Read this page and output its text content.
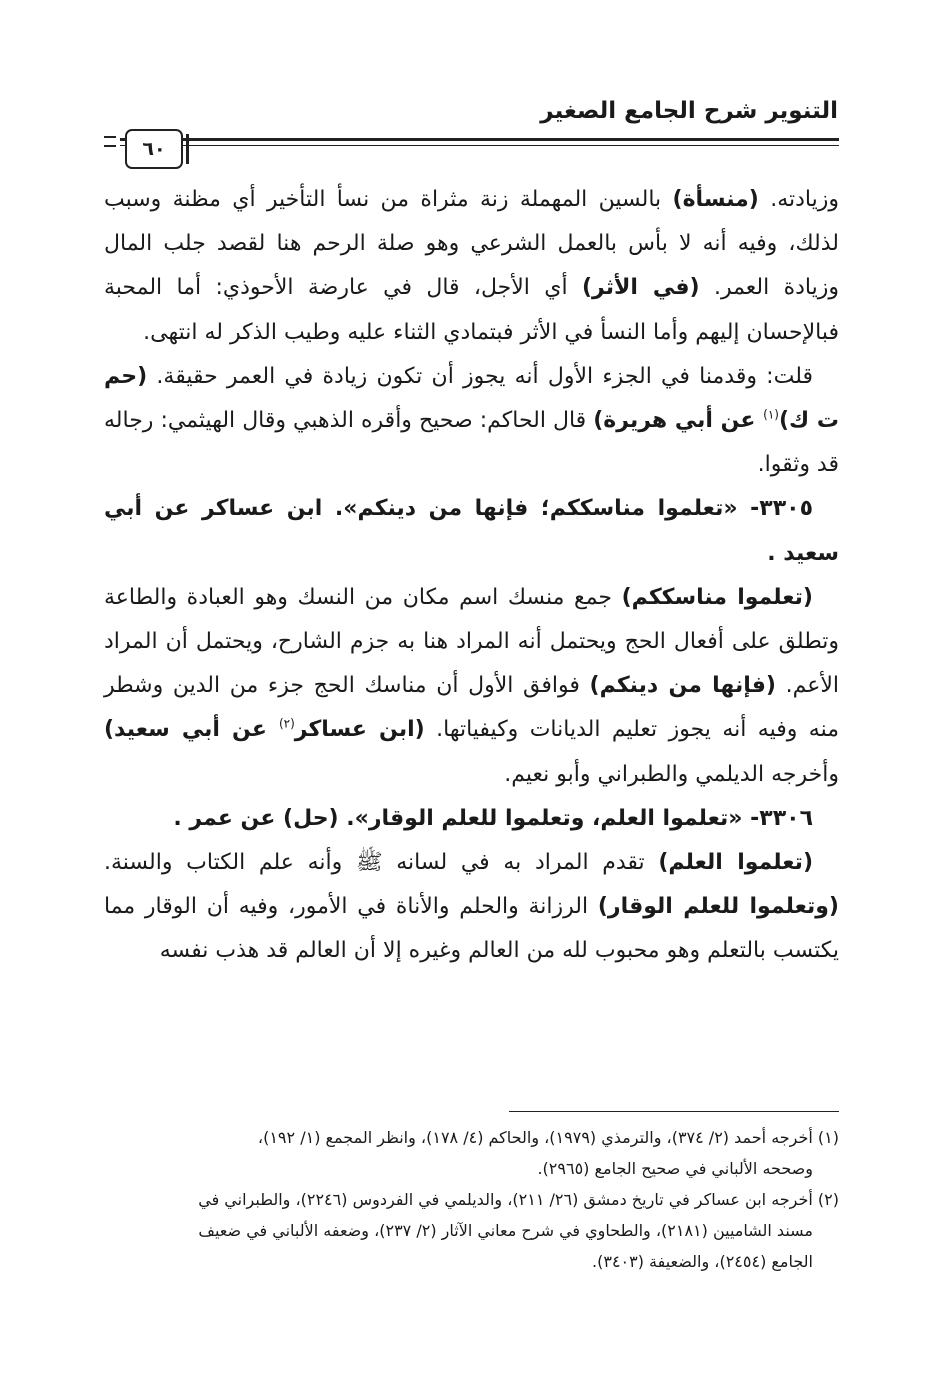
التنوير شرح الجامع الصغير
٦٠

وزيادته. (منسأة) بالسين المهملة زنة مثراة من نسأ التأخير أي مظنة وسبب لذلك، وفيه أنه لا بأس بالعمل الشرعي وهو صلة الرحم هنا لقصد جلب المال وزيادة العمر. (في الأثر) أي الأجل، قال في عارضة الأحوذي: أما المحبة فبالإحسان إليهم وأما النسأ في الأثر فبتمادي الثناء عليه وطيب الذكر له انتهى.

قلت: وقدمنا في الجزء الأول أنه يجوز أن تكون زيادة في العمر حقيقة. (حم ت ك)$^{(١)}$ عن أبي هريرة) قال الحاكم: صحيح وأقره الذهبي وقال الهيثمي: رجاله قد وثقوا.

٣٣٠٥- «تعلموا مناسككم؛ فإنها من دينكم». ابن عساكر عن أبي سعيد .

(تعلموا مناسككم) جمع منسك اسم مكان من النسك وهو العبادة والطاعة وتطلق على أفعال الحج ويحتمل أنه المراد هنا به جزم الشارح، ويحتمل أن المراد الأعم. (فإنها من دينكم) فوافق الأول أن مناسك الحج جزء من الدين وشطر منه وفيه أنه يجوز تعليم الديانات وكيفياتها. (ابن عساكر$^{(٢)}$ عن أبي سعيد) وأخرجه الديلمي والطبراني وأبو نعيم.

٣٣٠٦- «تعلموا العلم، وتعلموا للعلم الوقار». (حل) عن عمر .

(تعلموا العلم) تقدم المراد به في لسانه ﷺ وأنه علم الكتاب والسنة. (وتعلموا للعلم الوقار) الرزانة والحلم والأناة في الأمور، وفيه أن الوقار مما يكتسب بالتعلم وهو محبوب لله من العالم وغيره إلا أن العالم قد هذب نفسه

(١) أخرجه أحمد (٢/ ٣٧٤)، والترمذي (١٩٧٩)، والحاكم (٤/ ١٧٨)، وانظر المجمع (١/ ١٩٢)،

وصححه الألباني في صحيح الجامع (٢٩٦٥).

(٢) أخرجه ابن عساكر في تاريخ دمشق (٢٦/ ٢١١)، والديلمي في الفردوس (٢٢٤٦)، والطبراني في

مسند الشاميين (٢١٨١)، والطحاوي في شرح معاني الآثار (٢/ ٢٣٧)، وضعفه الألباني في ضعيف

الجامع (٢٤٥٤)، والضعيفة (٣٤٠٣).
